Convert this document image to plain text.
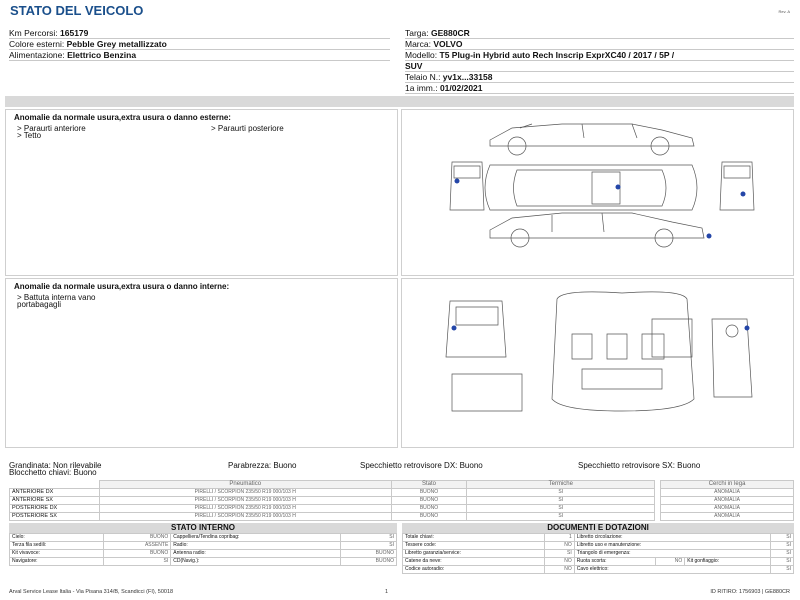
STATO DEL VEICOLO	Rev. A
Km Percorsi: 165179
Colore esterni: Pebble Grey metallizzato
Alimentazione: Elettrico Benzina
Targa: GE880CR
Marca: VOLVO
Modello: T5 Plug-in Hybrid auto Rech Inscrip ExprXC40 / 2017 / 5P /
SUV
Telaio N.: yv1x...33158
1a imm.: 01/02/2021
Anomalie da normale usura,extra usura o danno esterne:
> Paraurti anteriore
> Tetto
> Paraurti posteriore
Anomalie da normale usura,extra usura o danno interne:
> Battuta interna vano
portabagagli
Grandinata: Non rilevabile
Blocchetto chiavi: Buono
Parabrezza: Buono	Specchietto retrovisore DX: Buono	Specchietto retrovisore SX: Buono
	Pneumatico	Stato	Termiche		Cerchi in lega
ANTERIORE DX	PIRELLI / SCORPION 235/50 R19 000/103 H	BUONO	SI		ANOMALIA
ANTERIORE SX	PIRELLI / SCORPION 235/50 R19 000/103 H	BUONO	SI		ANOMALIA
POSTERIORE DX	PIRELLI / SCORPION 235/50 R19 000/103 H	BUONO	SI		ANOMALIA
POSTERIORE SX	PIRELLI / SCORPION 235/50 R19 000/103 H	BUONO	SI		ANOMALIA
STATO INTERNO
Cielo:	BUONO	Cappelliera/Tendina copribag:	SI
Terza fila sedili:	ASSENTE	Radio:	SI
Kit vivavoce:	BUONO	Antenna radio:	BUONO
Navigatore:	SI	CD(Navig.):	BUONO
DOCUMENTI E DOTAZIONI
Totale chiavi:	1	Libretto circolazione:			SI
Tessere code:	NO	Libretto uso e manutenzione:			SI
Libretto garanzia/service:	SI	Triangolo di emergenza:			SI
Catene da neve:	NO	Ruota scorta:	NO	Kit gonfiaggio:	SI
Codice autoradio:	NO	Cavo elettrico:			SI
Arval Service Lease Italia - Via Pisana 314/B, Scandicci (FI), 50018	1	ID RITIRO: 1756903 | GE880CR
